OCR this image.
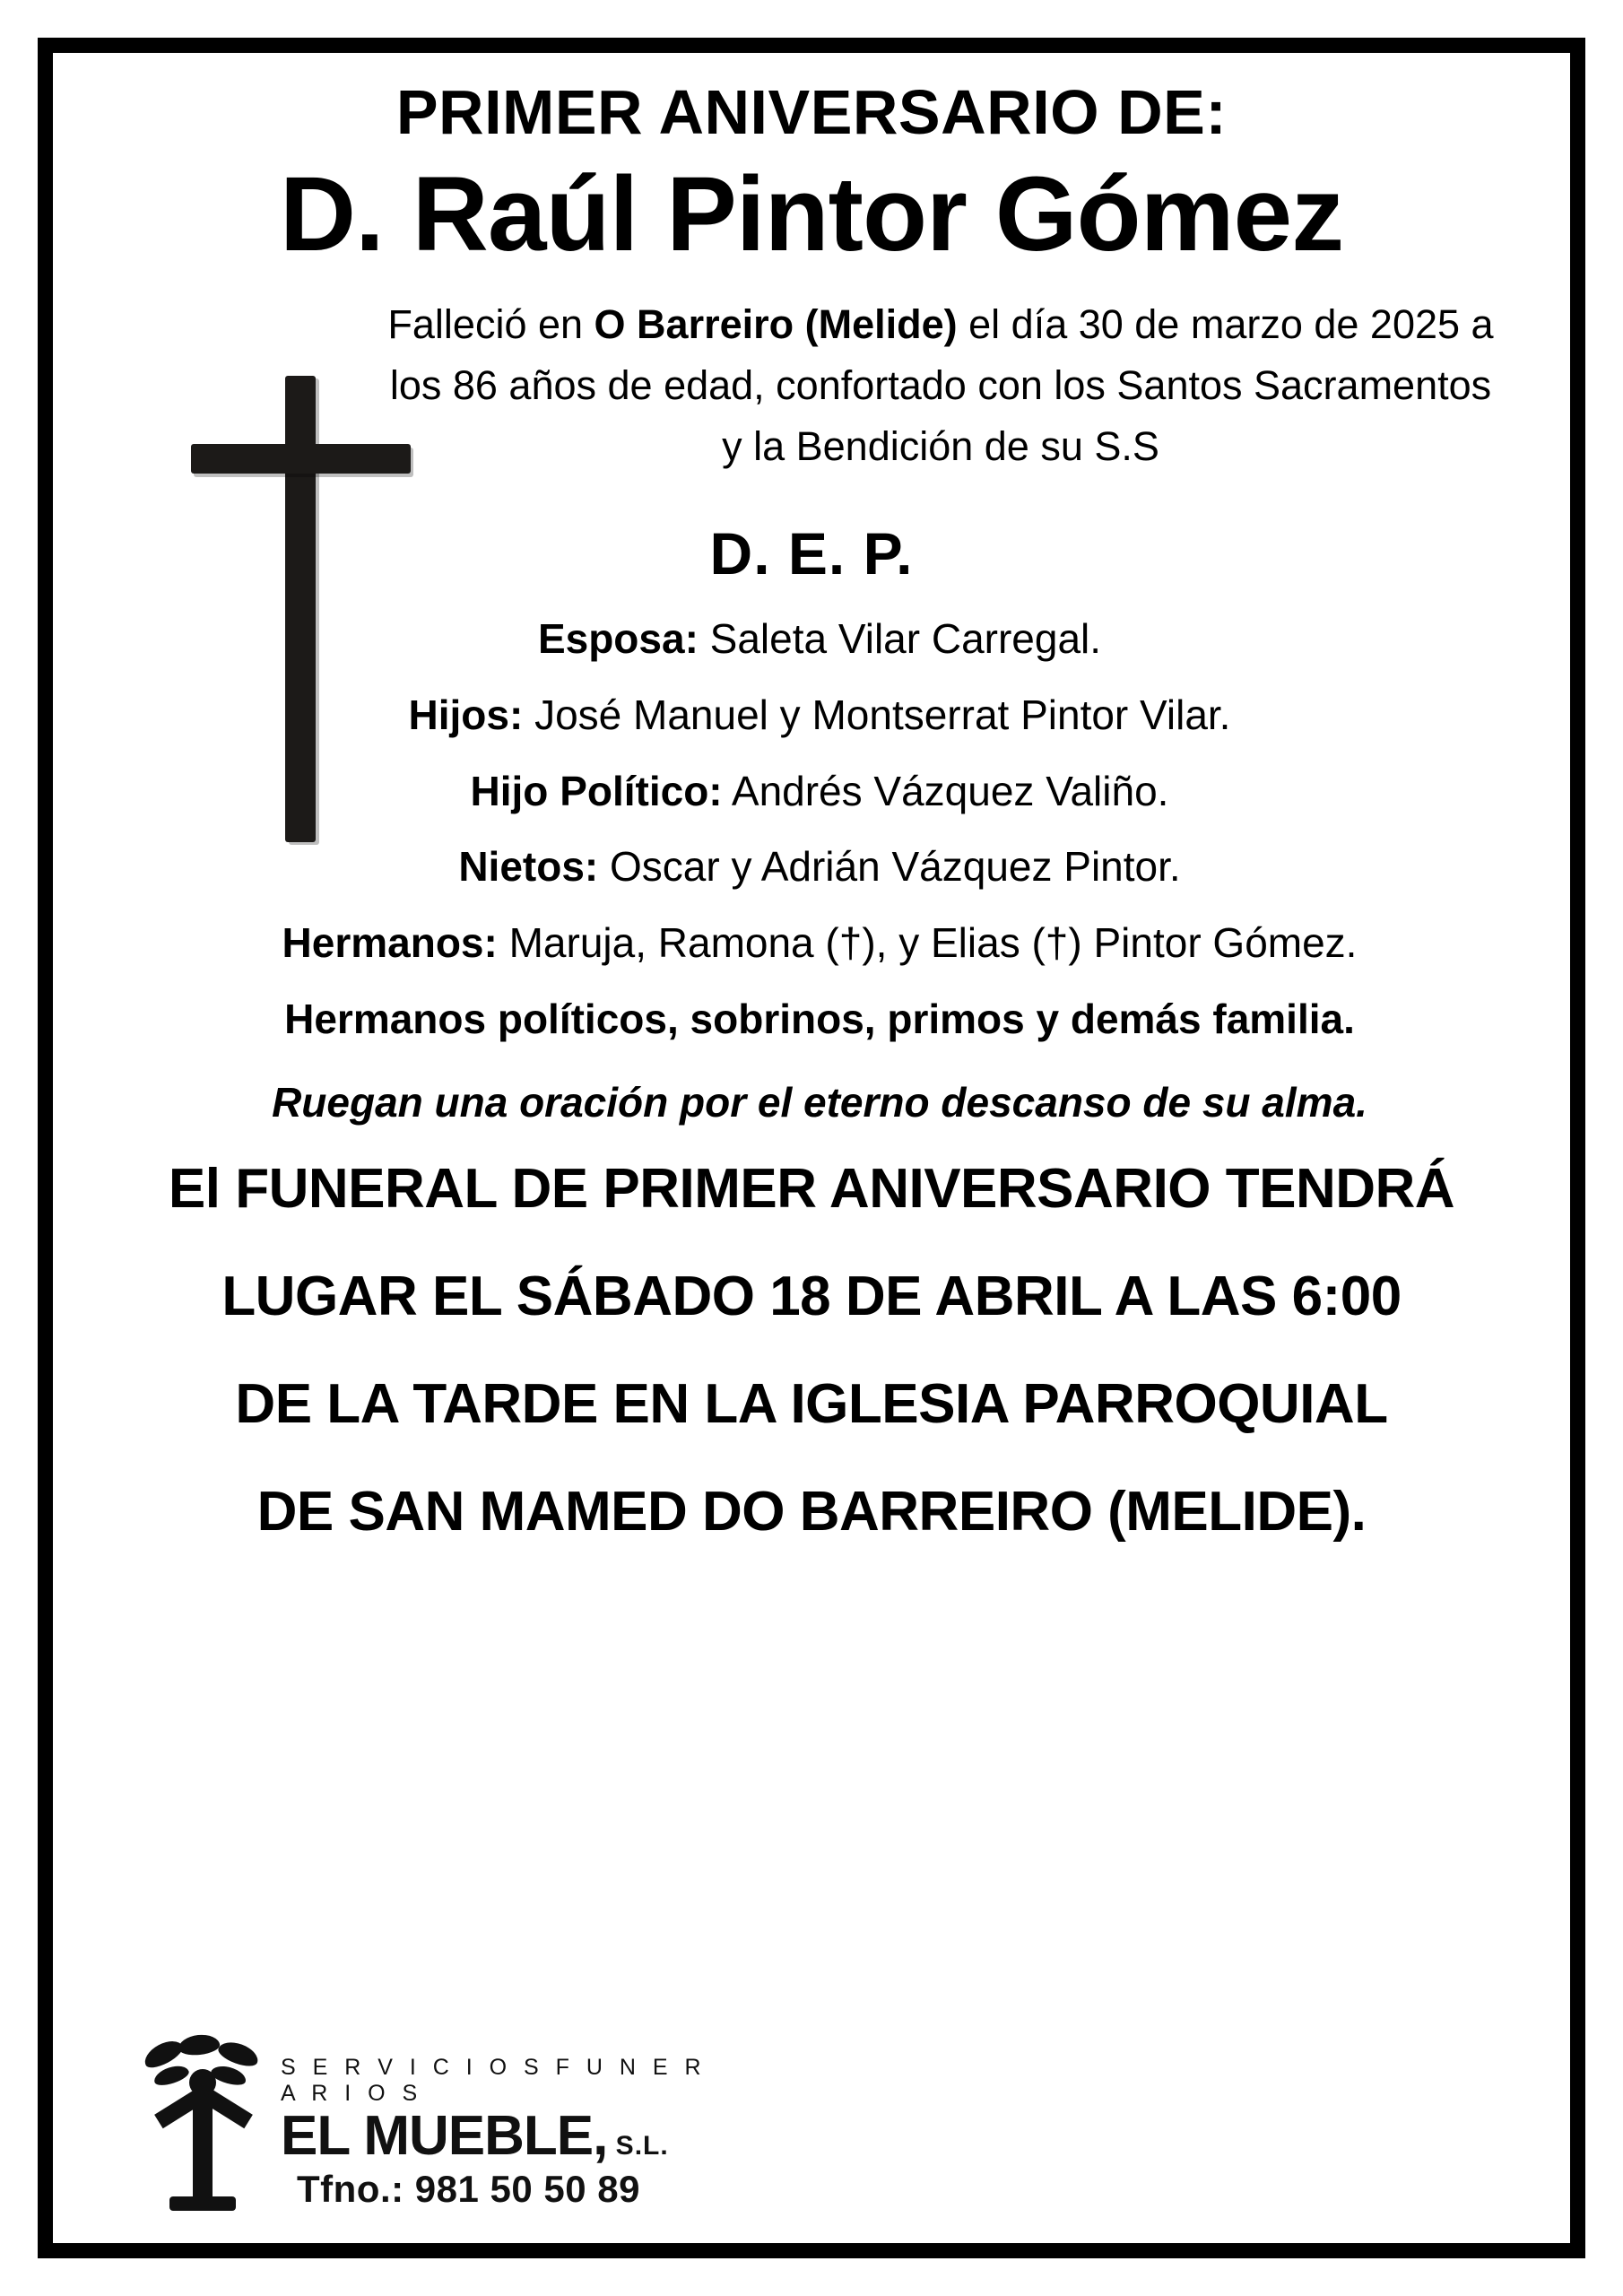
PRIMER ANIVERSARIO DE:
D. Raúl Pintor Gómez
Falleció en O Barreiro (Melide) el día 30 de marzo de 2025 a los 86 años de edad, confortado con los Santos Sacramentos y la Bendición de su S.S
D. E. P.
Esposa: Saleta Vilar Carregal.
Hijos: José Manuel y Montserrat Pintor Vilar.
Hijo Político: Andrés Vázquez Valiño.
Nietos: Oscar y Adrián Vázquez Pintor.
Hermanos: Maruja, Ramona (†), y Elias (†) Pintor Gómez.
Hermanos políticos, sobrinos, primos y demás familia.
Ruegan una oración por el eterno descanso de su alma.
El FUNERAL DE PRIMER ANIVERSARIO TENDRÁ
LUGAR EL SÁBADO 18 DE ABRIL A LAS 6:00
DE LA TARDE EN LA IGLESIA PARROQUIAL
DE SAN MAMED DO BARREIRO (MELIDE).
S E R V I C I O S F U N E R A R I O S
EL MUEBLE, S.L.
Tfno.: 981 50 50 89
